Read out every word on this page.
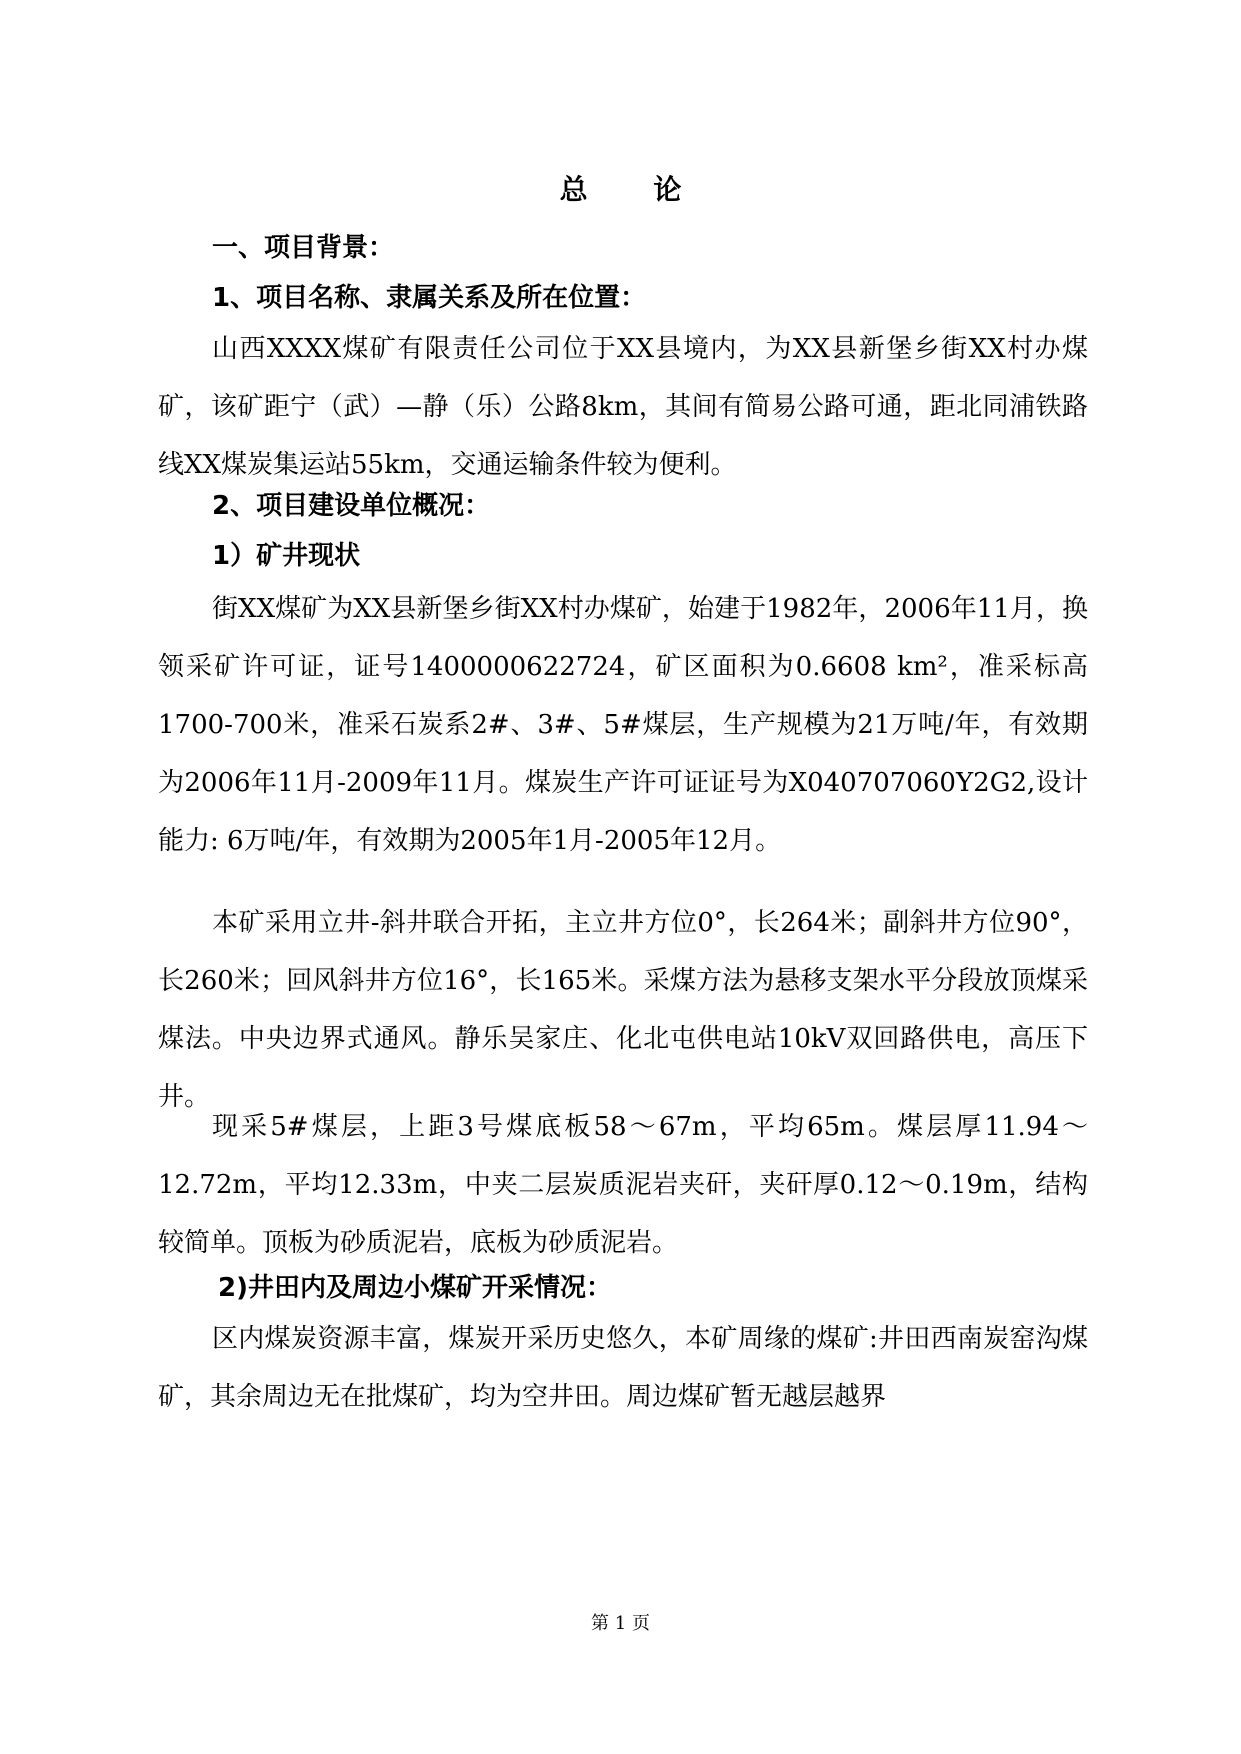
总 论
一、项目背景：
1、项目名称、隶属关系及所在位置：
山西XXXX煤矿有限责任公司位于XX县境内，为XX县新堡乡街XX村办煤矿，该矿距宁（武）—静（乐）公路8km，其间有简易公路可通，距北同浦铁路线XX煤炭集运站55km，交通运输条件较为便利。
2、项目建设单位概况：
1）矿井现状
街XX煤矿为XX县新堡乡街XX村办煤矿，始建于1982年，2006年11月，换领采矿许可证，证号1400000622724，矿区面积为0.6608 km²，准采标高1700-700米，准采石炭系2#、3#、5#煤层，生产规模为21万吨/年，有效期为2006年11月-2009年11月。煤炭生产许可证证号为X040707060Y2G2,设计能力: 6万吨/年，有效期为2005年1月-2005年12月。
本矿采用立井-斜井联合开拓，主立井方位0°，长264米；副斜井方位90°，长260米；回风斜井方位16°，长165米。采煤方法为悬移支架水平分段放顶煤采煤法。中央边界式通风。静乐吴家庄、化北屯供电站10kV双回路供电，高压下井。
现采5#煤层，上距3号煤底板58～67m，平均65m。煤层厚11.94～12.72m，平均12.33m，中夹二层炭质泥岩夹矸，夹矸厚0.12～0.19m，结构较简单。顶板为砂质泥岩，底板为砂质泥岩。
2)井田内及周边小煤矿开采情况：
区内煤炭资源丰富，煤炭开采历史悠久，本矿周缘的煤矿:井田西南炭窑沟煤矿，其余周边无在批煤矿，均为空井田。周边煤矿暂无越层越界
第 1 页
